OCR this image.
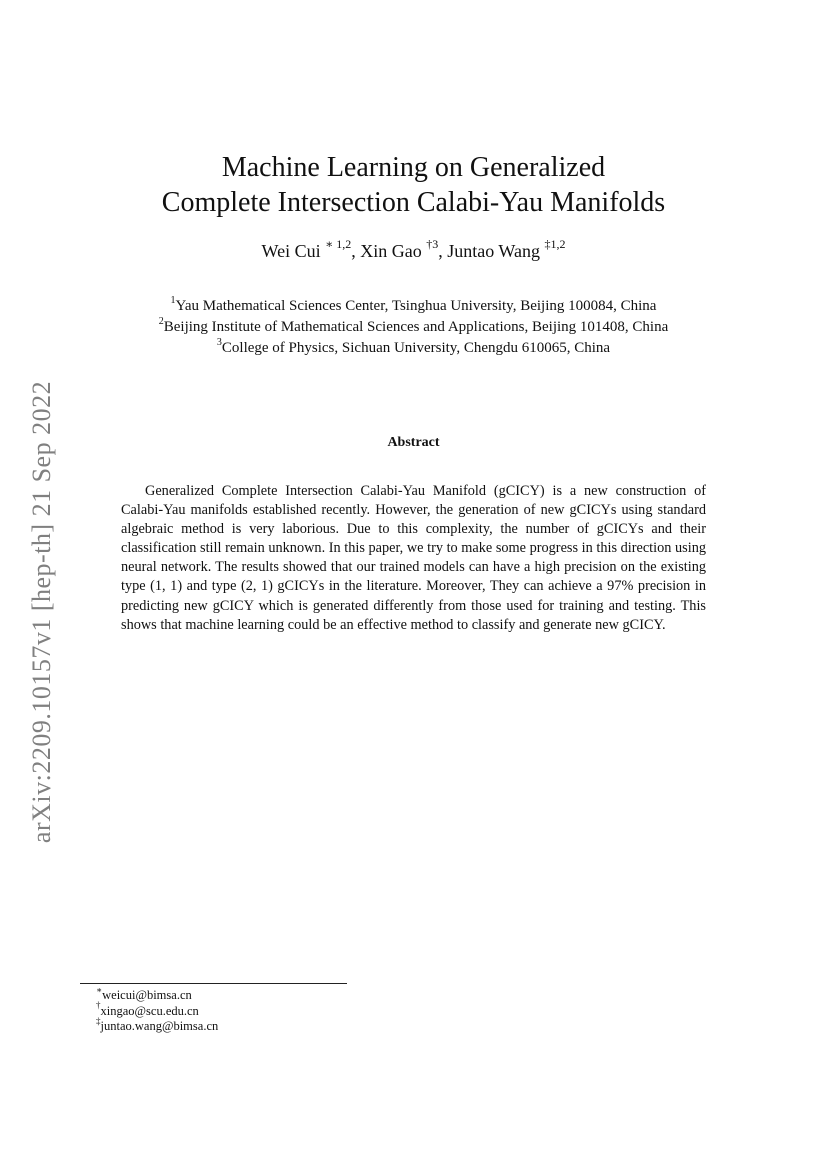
arXiv:2209.10157v1 [hep-th] 21 Sep 2022
Machine Learning on Generalized
Complete Intersection Calabi-Yau Manifolds
Wei Cui $^{∗ 1,2}$, Xin Gao $^{\dagger 3}$, Juntao Wang $^{\ddagger 1,2}$
$^1$Yau Mathematical Sciences Center, Tsinghua University, Beijing 100084, China
$^2$Beijing Institute of Mathematical Sciences and Applications, Beijing 101408, China
$^3$College of Physics, Sichuan University, Chengdu 610065, China
Abstract
Generalized Complete Intersection Calabi-Yau Manifold (gCICY) is a new construction of Calabi-Yau manifolds established recently. However, the generation of new gCICYs using standard algebraic method is very laborious. Due to this complexity, the number of gCICYs and their classification still remain unknown. In this paper, we try to make some progress in this direction using neural network. The results showed that our trained models can have a high precision on the existing type (1, 1) and type (2, 1) gCICYs in the literature. Moreover, They can achieve a 97% precision in predicting new gCICY which is generated differently from those used for training and testing. This shows that machine learning could be an effective method to classify and generate new gCICY.
∗weicui@bimsa.cn
†xingao@scu.edu.cn
‡juntao.wang@bimsa.cn
